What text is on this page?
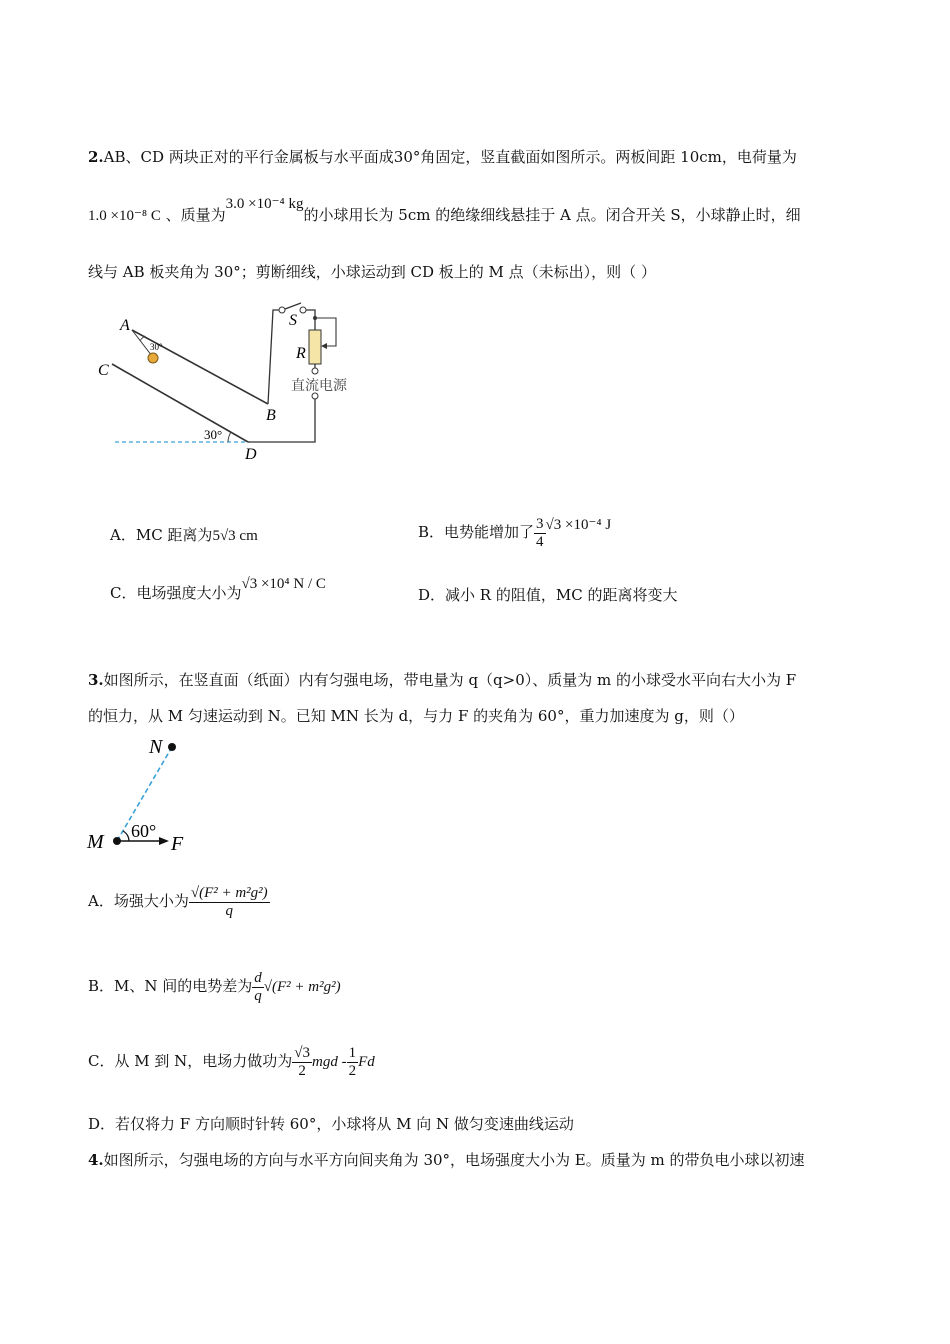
2.AB、CD 两块正对的平行金属板与水平面成30°角固定，竖直截面如图所示。两板间距 10cm，电荷量为
1.0 ×10⁻⁸ C 、质量为3.0 ×10⁻⁴ kg的小球用长为 5cm 的绝缘细线悬挂于 A 点。闭合开关 S，小球静止时，细
线与 AB 板夹角为 30°；剪断细线，小球运动到 CD 板上的 M 点（未标出），则（ ）
A
30°
C
B
30°
D
S
R
直流电源
A．MC 距离为5√3 cm	B．电势能增加了 $\frac{3}{4} √3 \times 10^{-4}$ J
C．电场强度大小为√3 ×10⁴ N / C
D．减小 R 的阻值，MC 的距离将变大
3.如图所示，在竖直面（纸面）内有匀强电场，带电量为 q（q>0）、质量为 m 的小球受水平向右大小为 F
的恒力，从 M 匀速运动到 N。已知 MN 长为 d，与力 F 的夹角为 60°，重力加速度为 g，则（）
N
M	F
60°
A．场强大小为 $\frac{\text{√(F² + m²g²)}}{q}$
B．M、N 间的电势差为 $\frac{d}{q} √(F^2 + m^2g^2)$
C．从 M 到 N，电场力做功为 $\frac{√3}{2}$ mgd - $\frac{1}{2}$ Fd
D．若仅将力 F 方向顺时针转 60°，小球将从 M 向 N 做匀变速曲线运动
4.如图所示，匀强电场的方向与水平方向间夹角为 30°，电场强度大小为 E。质量为 m 的带负电小球以初速
